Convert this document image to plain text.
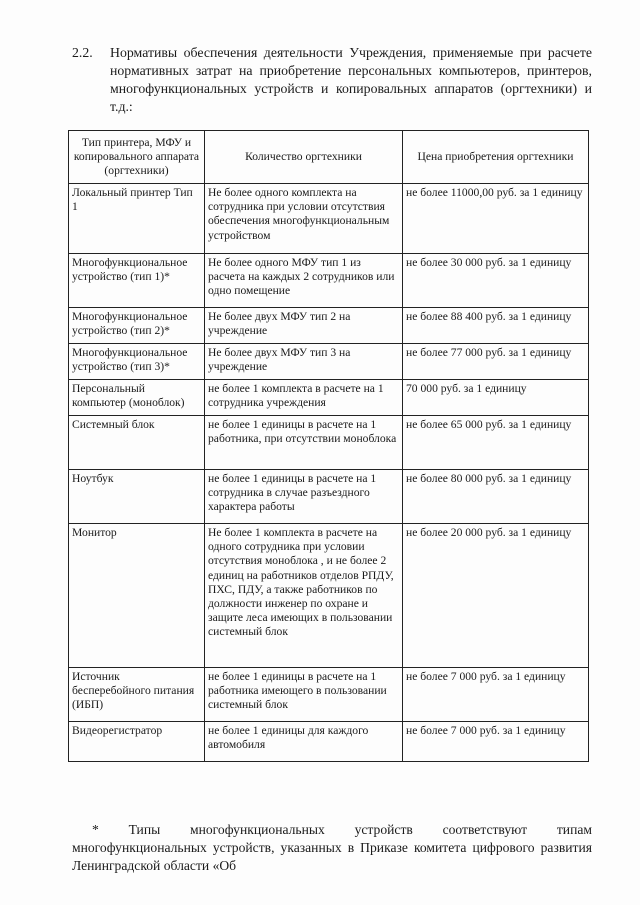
2.2.	Нормативы обеспечения деятельности Учреждения, применяемые при расчете нормативных затрат на приобретение персональных компьютеров, принтеров, многофункциональных устройств и копировальных аппаратов (оргтехники) и т.д.:
Тип принтера, МФУ и копировального аппарата (оргтехники)	Количество оргтехники	Цена приобретения оргтехники
Локальный принтер Тип 1	Не более одного комплекта на сотрудника при условии отсутствия обеспечения многофункциональным устройством	не более 11000,00 руб. за 1 единицу
Многофункциональное устройство (тип 1)*	Не более одного МФУ тип 1 из расчета на каждых 2 сотрудников или одно помещение	не более 30 000 руб. за 1 единицу
Многофункциональное устройство (тип 2)*	Не более двух МФУ тип 2 на учреждение	не более 88 400 руб. за 1 единицу
Многофункциональное устройство (тип 3)*	Не более двух МФУ тип 3 на учреждение	не более 77 000 руб. за 1 единицу
Персональный компьютер (моноблок)	не более 1 комплекта в расчете на 1 сотрудника учреждения	70 000 руб. за 1 единицу
Системный блок	не более 1 единицы в расчете на 1 работника, при отсутствии моноблока	не более 65 000 руб. за 1 единицу
Ноутбук	не более 1 единицы в расчете на 1 сотрудника в случае разъездного характера работы	не более 80 000 руб. за 1 единицу
Монитор	Не более 1 комплекта в расчете на одного сотрудника при условии отсутствия моноблока , и не более 2 единиц на работников отделов РПДУ, ПХС, ПДУ, а также работников по должности инженер по охране и защите леса имеющих в пользовании системный блок	не более 20 000 руб. за 1 единицу
Источник бесперебойного питания (ИБП)	не более 1 единицы в расчете на 1 работника имеющего в пользовании системный блок	не более 7 000 руб. за 1 единицу
Видеорегистратор	не более 1 единицы для каждого автомобиля	не более 7 000 руб. за 1 единицу
* Типы многофункциональных устройств соответствуют типам многофункциональных устройств, указанных в Приказе комитета цифрового развития Ленинградской области «Об
